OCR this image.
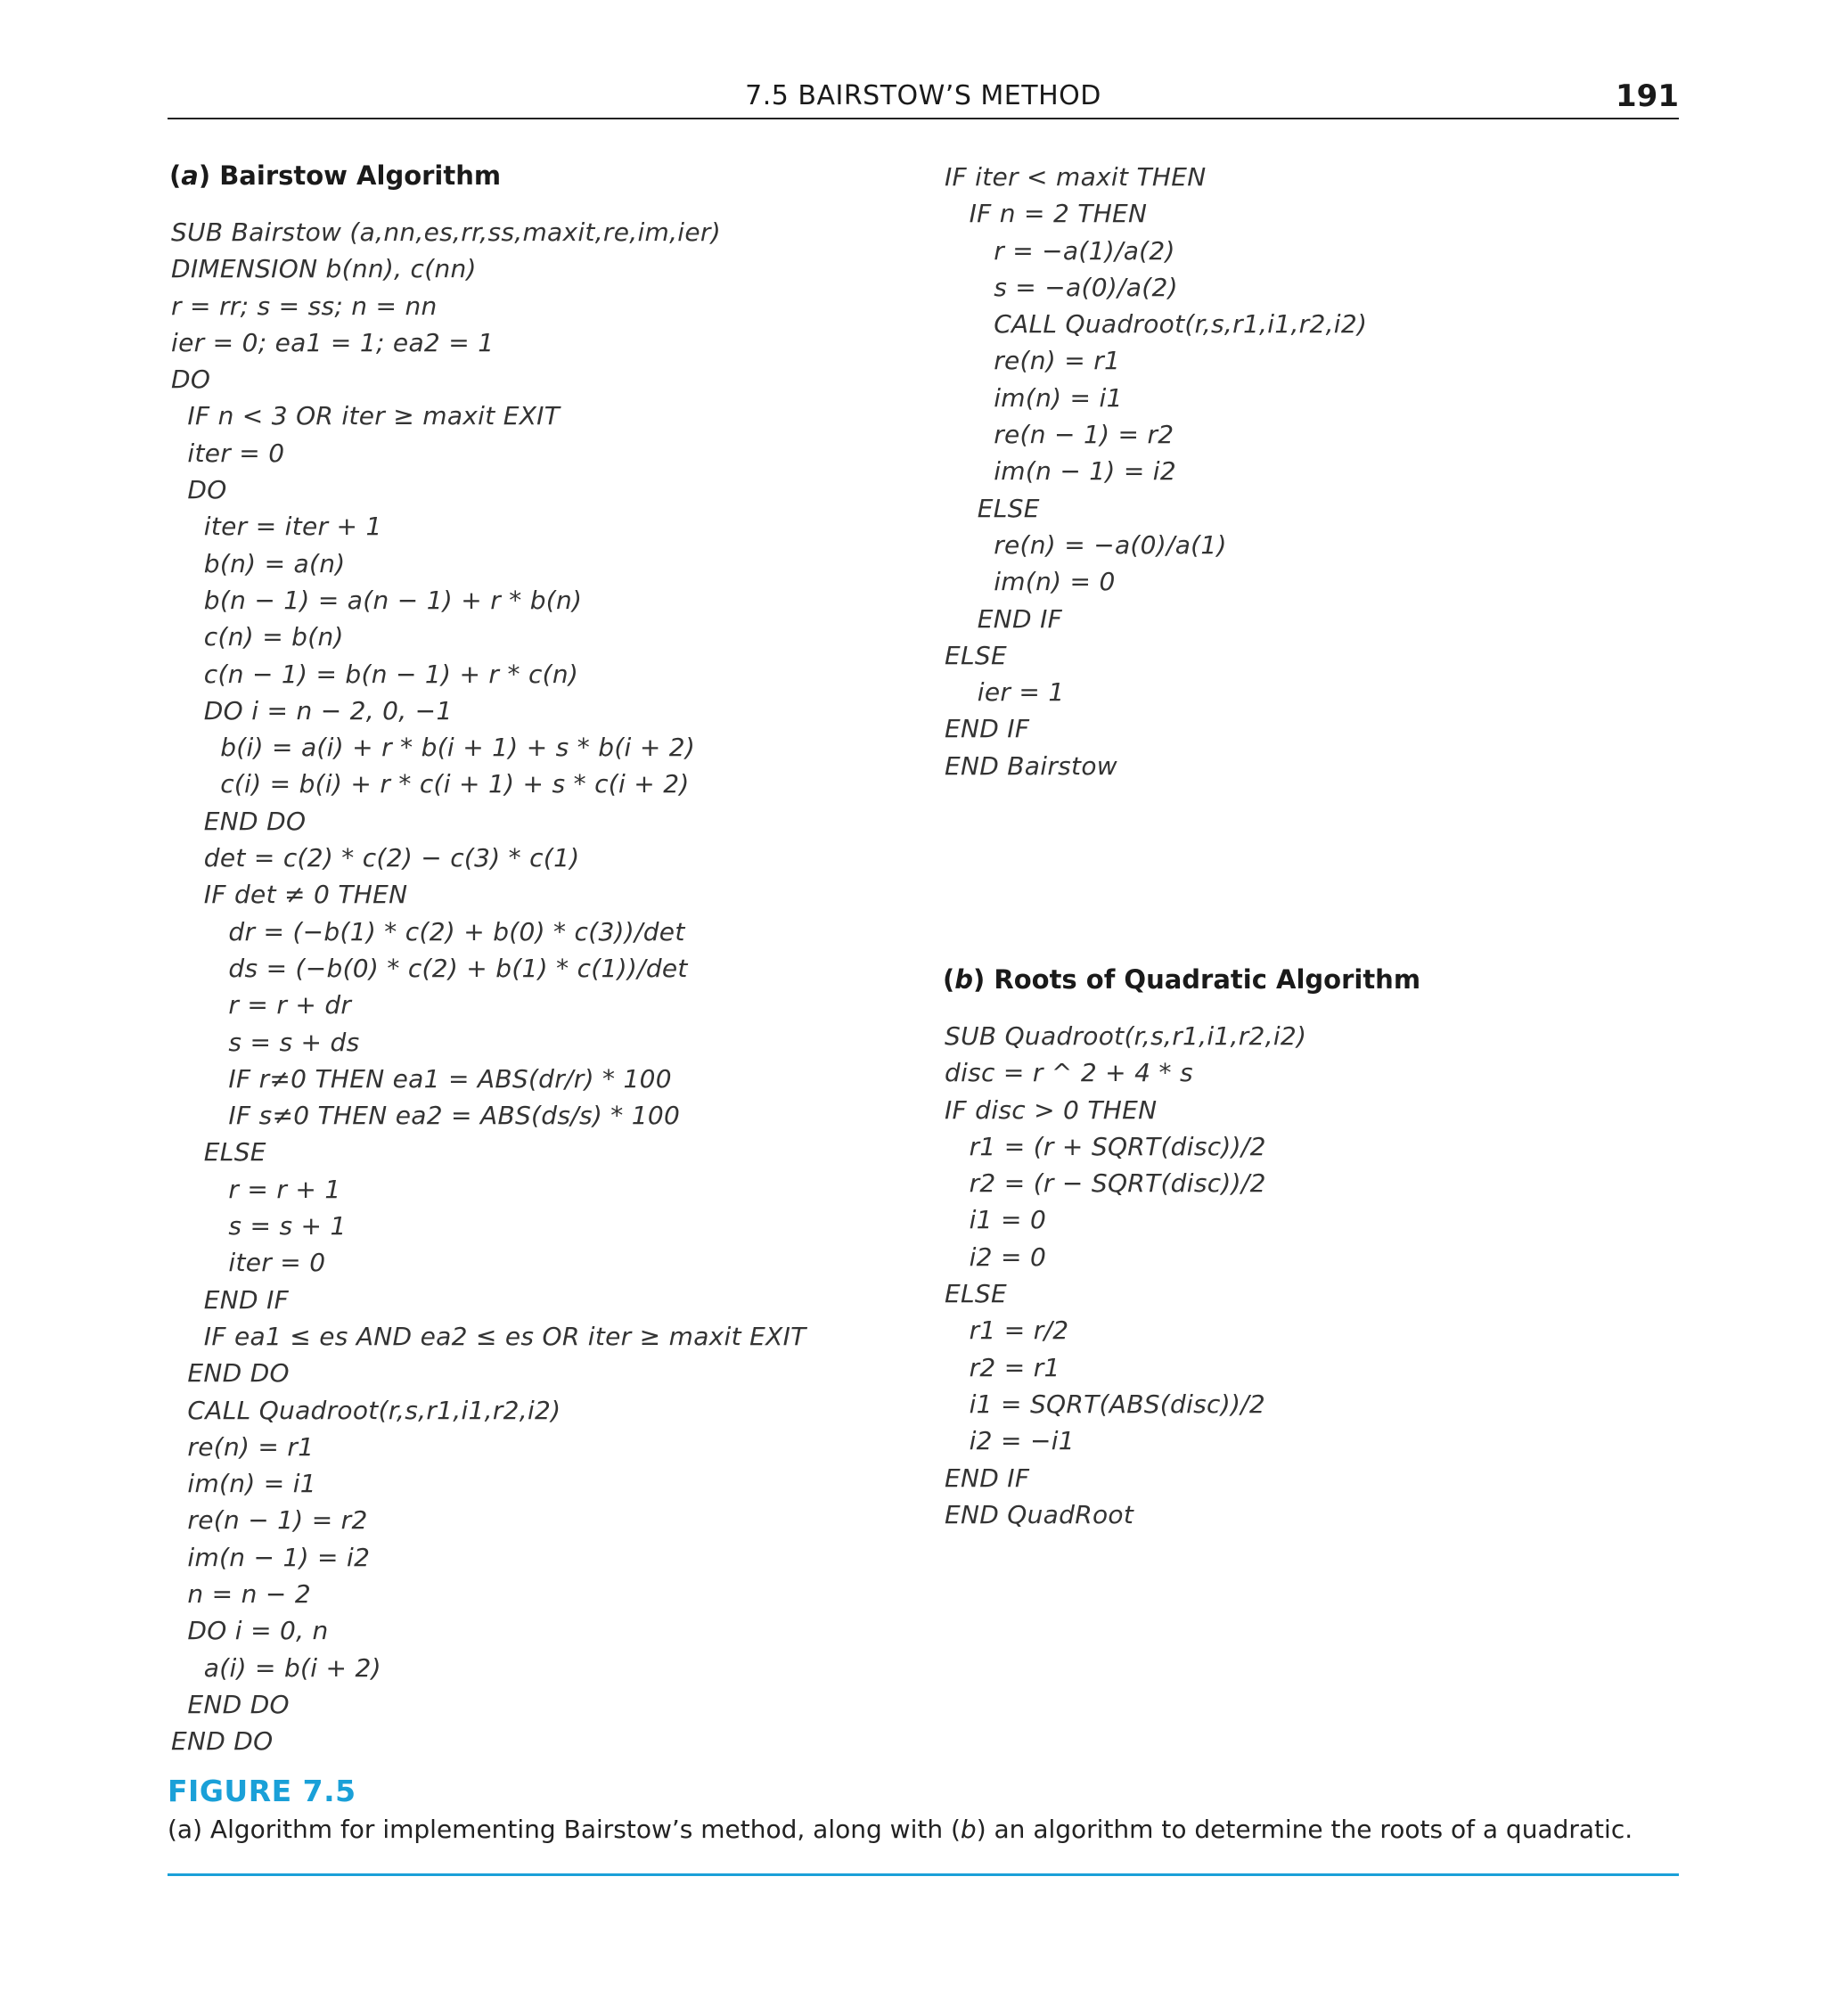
7.5 BAIRSTOW’S METHOD	191
(a) Bairstow Algorithm
SUB Bairstow (a,nn,es,rr,ss,maxit,re,im,ier)
DIMENSION b(nn), c(nn)
r = rr; s = ss; n = nn
ier = 0; ea1 = 1; ea2 = 1
DO
IF n < 3 OR iter ≥ maxit EXIT
iter = 0
DO
iter = iter + 1
b(n) = a(n)
b(n − 1) = a(n − 1) + r * b(n)
c(n) = b(n)
c(n − 1) = b(n − 1) + r * c(n)
DO i = n − 2, 0, −1
b(i) = a(i) + r * b(i + 1) + s * b(i + 2)
c(i) = b(i) + r * c(i + 1) + s * c(i + 2)
END DO
det = c(2) * c(2) − c(3) * c(1)
IF det ≠ 0 THEN
dr = (−b(1) * c(2) + b(0) * c(3))/det
ds = (−b(0) * c(2) + b(1) * c(1))/det
r = r + dr
s = s + ds
IF r≠0 THEN ea1 = ABS(dr/r) * 100
IF s≠0 THEN ea2 = ABS(ds/s) * 100
ELSE
r = r + 1
s = s + 1
iter = 0
END IF
IF ea1 ≤ es AND ea2 ≤ es OR iter ≥ maxit EXIT
END DO
CALL Quadroot(r,s,r1,i1,r2,i2)
re(n) = r1
im(n) = i1
re(n − 1) = r2
im(n − 1) = i2
n = n − 2
DO i = 0, n
a(i) = b(i + 2)
END DO
END DO
IF iter < maxit THEN
IF n = 2 THEN
r = −a(1)/a(2)
s = −a(0)/a(2)
CALL Quadroot(r,s,r1,i1,r2,i2)
re(n) = r1
im(n) = i1
re(n − 1) = r2
im(n − 1) = i2
ELSE
re(n) = −a(0)/a(1)
im(n) = 0
END IF
ELSE
ier = 1
END IF
END Bairstow
(b) Roots of Quadratic Algorithm
SUB Quadroot(r,s,r1,i1,r2,i2)
disc = r ^ 2 + 4 * s
IF disc > 0 THEN
r1 = (r + SQRT(disc))/2
r2 = (r − SQRT(disc))/2
i1 = 0
i2 = 0
ELSE
r1 = r/2
r2 = r1
i1 = SQRT(ABS(disc))/2
i2 = −i1
END IF
END QuadRoot
FIGURE 7.5
(a) Algorithm for implementing Bairstow’s method, along with (b) an algorithm to determine the roots of a quadratic.
